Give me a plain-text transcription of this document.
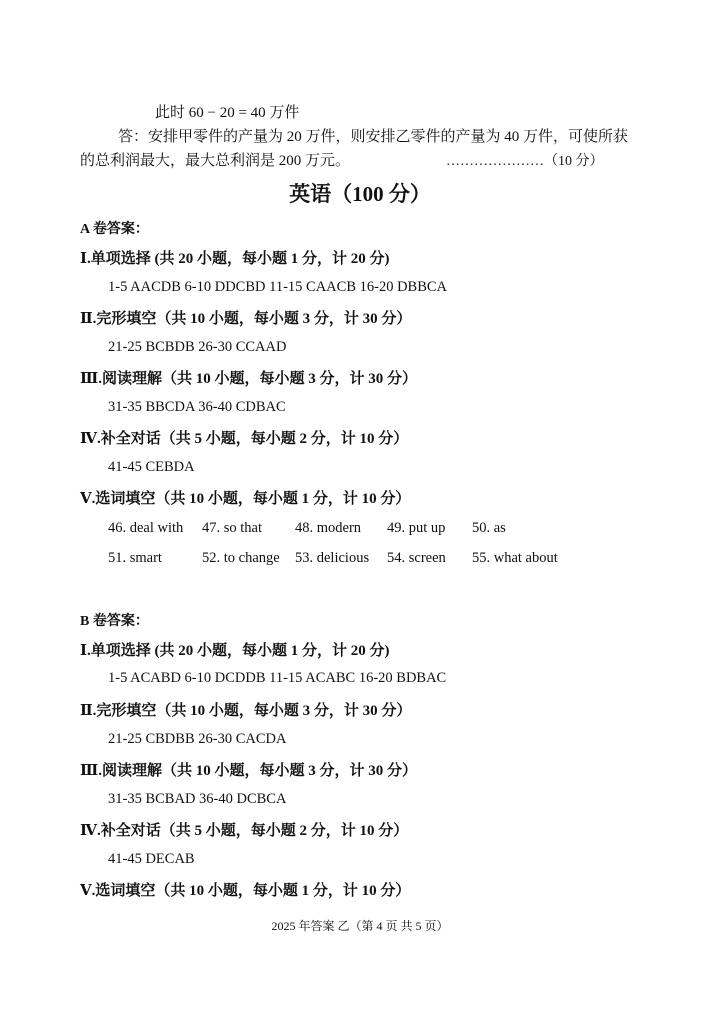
此时 60 − 20 = 40 万件
答：安排甲零件的产量为 20 万件，则安排乙零件的产量为 40 万件，可使所获
的总利润最大，最大总利润是 200 万元。	…………………（10 分）
英语（100 分）
A 卷答案：
Ⅰ.单项选择 (共 20 小题，每小题 1 分，计 20 分)
1-5 AACDB 6-10 DDCBD 11-15 CAACB 16-20 DBBCA
Ⅱ.完形填空（共 10 小题，每小题 3 分，计 30 分）
21-25 BCBDB 26-30 CCAAD
Ⅲ.阅读理解（共 10 小题，每小题 3 分，计 30 分）
31-35 BBCDA 36-40 CDBAC
Ⅳ.补全对话（共 5 小题，每小题 2 分，计 10 分）
41-45 CEBDA
Ⅴ.选词填空（共 10 小题，每小题 1 分，计 10 分）
46. deal with 47. so that 48. modern 49. put up 50. as
51. smart	52. to change 53. delicious 54. screen 55. what about
B 卷答案：
Ⅰ.单项选择 (共 20 小题，每小题 1 分，计 20 分)
1-5 ACABD 6-10 DCDDB 11-15 ACABC 16-20 BDBAC
Ⅱ.完形填空（共 10 小题，每小题 3 分，计 30 分）
21-25 CBDBB 26-30 CACDA
Ⅲ.阅读理解（共 10 小题，每小题 3 分，计 30 分）
31-35 BCBAD 36-40 DCBCA
Ⅳ.补全对话（共 5 小题，每小题 2 分，计 10 分）
41-45 DECAB
Ⅴ.选词填空（共 10 小题，每小题 1 分，计 10 分）
2025 年答案 乙（第 4 页 共 5 页）
